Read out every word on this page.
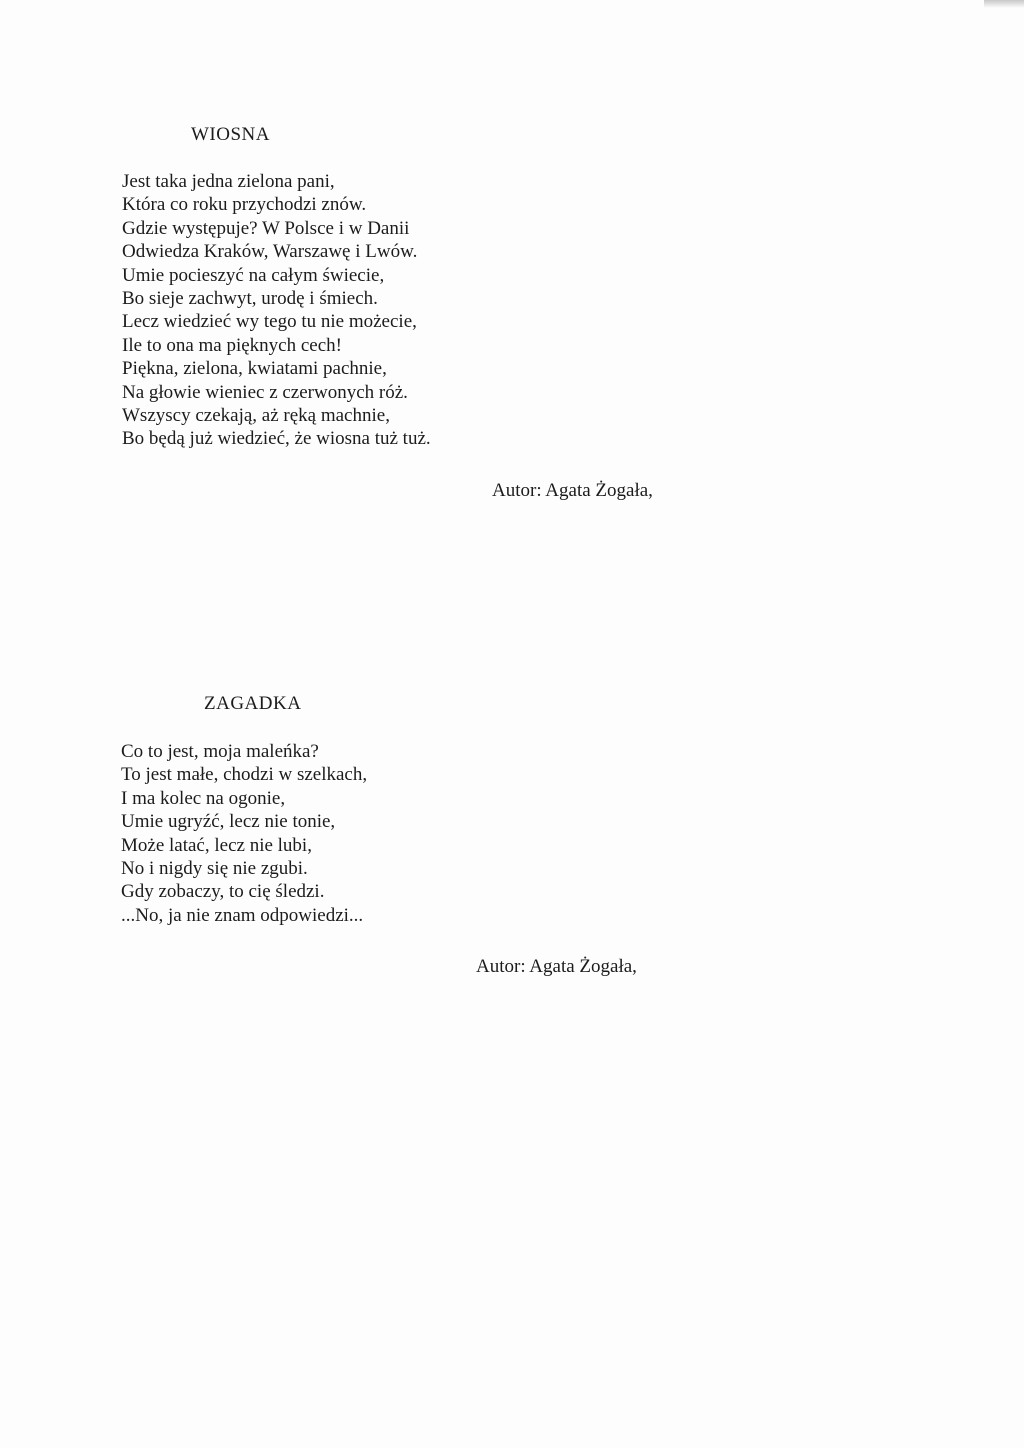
WIOSNA
Jest taka jedna zielona pani,
Która co roku przychodzi znów.
Gdzie występuje? W Polsce i w Danii
Odwiedza Kraków, Warszawę i Lwów.
Umie pocieszyć na całym świecie,
Bo sieje zachwyt, urodę i śmiech.
Lecz wiedzieć wy tego tu nie możecie,
Ile to ona ma pięknych cech!
Piękna, zielona, kwiatami pachnie,
Na głowie wieniec z czerwonych róż.
Wszyscy czekają, aż ręką machnie,
Bo będą już wiedzieć, że wiosna tuż tuż.
Autor: Agata Żogała,
ZAGADKA
Co to jest, moja maleńka?
To jest małe, chodzi w szelkach,
I ma kolec na ogonie,
Umie ugryźć, lecz nie tonie,
Może latać, lecz nie lubi,
No i nigdy się nie zgubi.
Gdy zobaczy, to cię śledzi.
...No, ja nie znam odpowiedzi...
Autor: Agata Żogała,
